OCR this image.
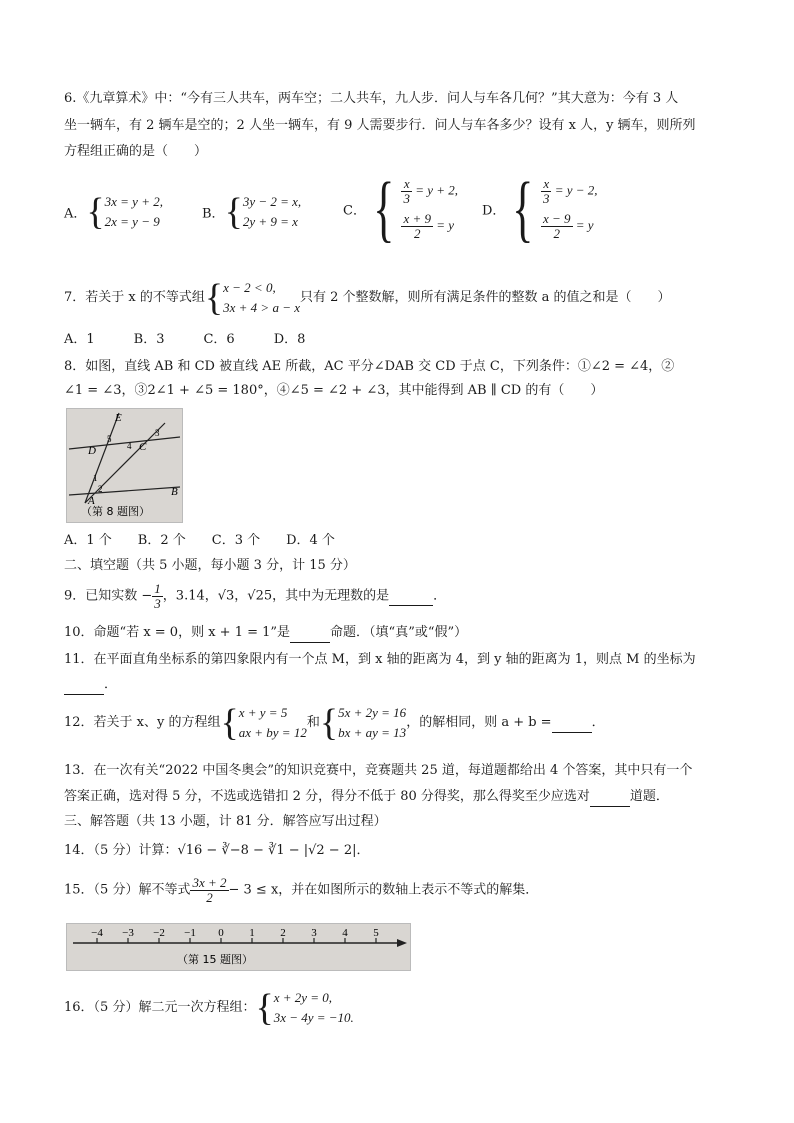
6.《九章算术》中：“今有三人共车，两车空；二人共车，九人步．问人与车各几何？”其大意为：今有 3 人
坐一辆车，有 2 辆车是空的；2 人坐一辆车，有 9 人需要步行．问人与车各多少？设有 x 人，y 辆车，则所列
方程组正确的是（　　）
A．{ 3x = y + 2,
2x = y − 9	B．{ 3y − 2 = x,
2y + 9 = x
C．{ $\frac{x}{3} = y + 2$,
$\frac{x + 9}{2} = y$
D．{ $\frac{x}{3} = y - 2$,
$\frac{x - 9}{2} = y$
7．若关于 x 的不等式组{ x − 2 < 0,
3x + 4 > a − x
只有 2 个整数解，则所有满足条件的整数 a 的值之和是（　　）
A．1　　　B．3　　　C．6　　　D．8
8．如图，直线 AB 和 CD 被直线 AE 所截，AC 平分∠DAB 交 CD 于点 C，下列条件：①∠2 = ∠4，②
∠1 = ∠3，③2∠1 + ∠5 = 180°，④∠5 = ∠2 + ∠3，其中能得到 AB ∥ CD 的有（　　）
E
D	C
A
B
1
2
3
4
5
（第 8 题图）
A．1 个　　B．2 个　　C．3 个　　D．4 个
二、填空题（共 5 小题，每小题 3 分，计 15 分）
9．已知实数 − $\frac{1}{3}$ ，3.14，√3，√25，其中为无理数的是	．
10．命题“若 x = 0，则 x + 1 = 1”是	命题．（填“真”或“假”）
11．在平面直角坐标系的第四象限内有一个点 M，到 x 轴的距离为 4，到 y 轴的距离为 1，则点 M 的坐标为
．
12．若关于 x、y 的方程组{ x + y = 5
ax + by = 12
和{ 5x + 2y = 16
bx + ay = 13
，的解相同，则 a + b =	．
13．在一次有关“2022 中国冬奥会”的知识竞赛中，竞赛题共 25 道，每道题都给出 4 个答案，其中只有一个
答案正确，选对得 5 分，不选或选错扣 2 分，得分不低于 80 分得奖，那么得奖至少应选对	道题．
三、解答题（共 13 小题，计 81 分．解答应写出过程）
14．（5 分）计算：√16 − ∛−8 − ∛1 − |√2 − 2|．
15．（5 分）解不等式 $\frac{3x + 2}{2} - 3 \le x$，并在如图所示的数轴上表示不等式的解集．
（第 15 题图）
−4 −3 −2 −1 0 1 2 3 4 5
16．（5 分）解二元一次方程组：{ x + 2y = 0,
3x − 4y = −10.
